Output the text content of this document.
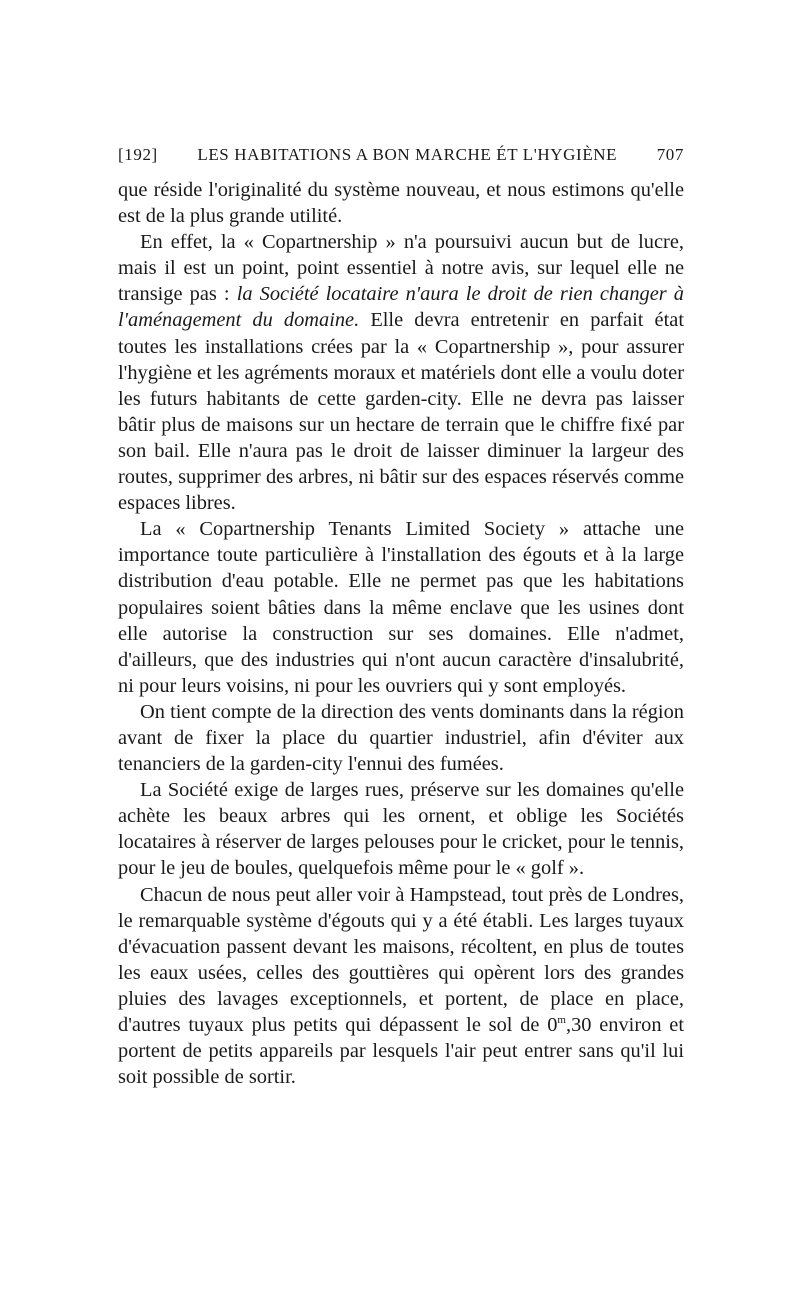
[192] LES HABITATIONS A BON MARCHE ÉT L'HYGIÈNE 707

que réside l'originalité du système nouveau, et nous estimons qu'elle est de la plus grande utilité.

En effet, la « Copartnership » n'a poursuivi aucun but de lucre, mais il est un point, point essentiel à notre avis, sur lequel elle ne transige pas : la Société locataire n'aura le droit de rien changer à l'aménagement du domaine. Elle devra entretenir en parfait état toutes les installations crées par la « Copartnership », pour assurer l'hygiène et les agréments moraux et matériels dont elle a voulu doter les futurs habitants de cette garden-city. Elle ne devra pas laisser bâtir plus de maisons sur un hectare de terrain que le chiffre fixé par son bail. Elle n'aura pas le droit de laisser diminuer la largeur des routes, supprimer des arbres, ni bâtir sur des espaces réservés comme espaces libres.

La « Copartnership Tenants Limited Society » attache une importance toute particulière à l'installation des égouts et à la large distribution d'eau potable. Elle ne permet pas que les habitations populaires soient bâties dans la même enclave que les usines dont elle autorise la construction sur ses domaines. Elle n'admet, d'ailleurs, que des industries qui n'ont aucun caractère d'insalubrité, ni pour leurs voisins, ni pour les ouvriers qui y sont employés.

On tient compte de la direction des vents dominants dans la région avant de fixer la place du quartier industriel, afin d'éviter aux tenanciers de la garden-city l'ennui des fumées.

La Société exige de larges rues, préserve sur les domaines qu'elle achète les beaux arbres qui les ornent, et oblige les Sociétés locataires à réserver de larges pelouses pour le cricket, pour le tennis, pour le jeu de boules, quelquefois même pour le « golf ».

Chacun de nous peut aller voir à Hampstead, tout près de Londres, le remarquable système d'égouts qui y a été établi. Les larges tuyaux d'évacuation passent devant les maisons, récoltent, en plus de toutes les eaux usées, celles des gouttières qui opèrent lors des grandes pluies des lavages exceptionnels, et portent, de place en place, d'autres tuyaux plus petits qui dépassent le sol de 0$^m$,30 environ et portent de petits appareils par lesquels l'air peut entrer sans qu'il lui soit possible de sortir.
